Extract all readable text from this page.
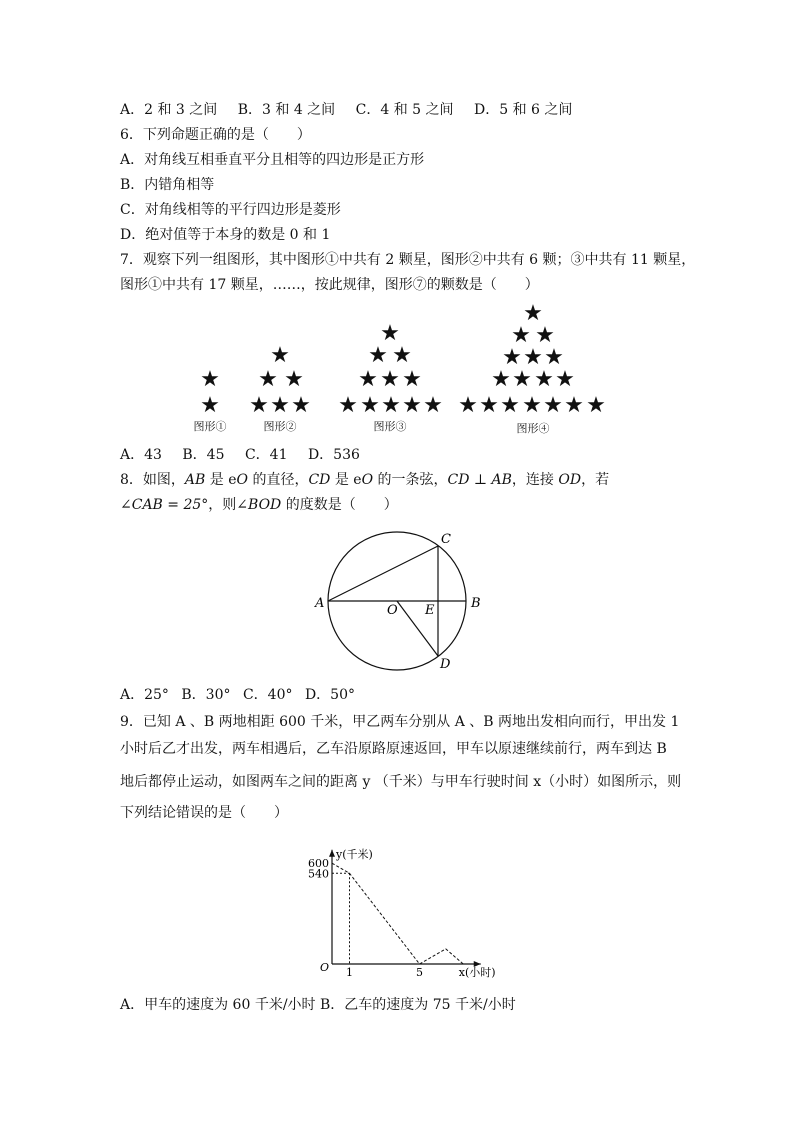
A．2 和 3 之间 B．3 和 4 之间 C．4 和 5 之间 D．5 和 6 之间
6．下列命题正确的是（　　）
A．对角线互相垂直平分且相等的四边形是正方形
B．内错角相等
C．对角线相等的平行四边形是菱形
D．绝对值等于本身的数是 0 和 1
7．观察下列一组图形，其中图形①中共有 2 颗星，图形②中共有 6 颗；③中共有 11 颗星，
图形①中共有 17 颗星，……，按此规律，图形⑦的颗数是（　　）
★
★
图形①
★
★ ★
★ ★ ★
图形②
★
★ ★
★ ★ ★
★ ★ ★ ★ ★
图形③
★
★ ★
★ ★ ★
★ ★ ★ ★
★ ★ ★ ★ ★ ★ ★
图形④
A．43 B．45 C．41 D．536
8．如图，AB 是 eO 的直径，CD 是 eO 的一条弦，CD ⊥ AB，连接 OD，若
∠CAB = 25°，则∠BOD 的度数是（　　）
A	B
C
D
O E
A．25° B．30° C．40° D．50°
9．已知 A 、B 两地相距 600 千米，甲乙两车分别从 A 、B 两地出发相向而行，甲出发 1
小时后乙才出发，两车相遇后，乙车沿原路原速返回，甲车以原速继续前行，两车到达 B
地后都停止运动，如图两车之间的距离 y （千米）与甲车行驶时间 x（小时）如图所示，则
下列结论错误的是（　　）
y(千米)
x(小时)
O
600
540
1	5
A．甲车的速度为 60 千米/小时 B．乙车的速度为 75 千米/小时
